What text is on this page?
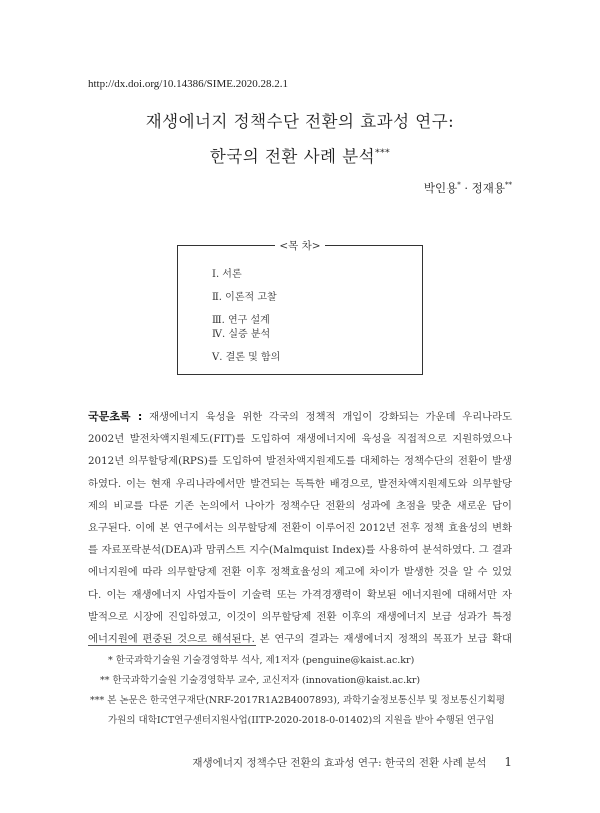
http://dx.doi.org/10.14386/SIME.2020.28.2.1
재생에너지 정책수단 전환의 효과성 연구:
한국의 전환 사례 분석***
박인용* · 정재용**
<목 차>
Ⅰ. 서론
Ⅱ. 이론적 고찰
Ⅲ. 연구 설계
Ⅳ. 실증 분석
Ⅴ. 결론 및 함의
국문초록 : 재생에너지 육성을 위한 각국의 정책적 개입이 강화되는 가운데 우리나라도
2002년 발전차액지원제도(FIT)를 도입하여 재생에너지에 육성을 직접적으로 지원하였으나
2012년 의무할당제(RPS)를 도입하여 발전차액지원제도를 대체하는 정책수단의 전환이 발생
하였다. 이는 현재 우리나라에서만 발견되는 독특한 배경으로, 발전차액지원제도와 의무할당
제의 비교를 다룬 기존 논의에서 나아가 정책수단 전환의 성과에 초점을 맞춘 새로운 답이
요구된다. 이에 본 연구에서는 의무할당제 전환이 이루어진 2012년 전후 정책 효율성의 변화
를 자료포락분석(DEA)과 맘퀴스트 지수(Malmquist Index)를 사용하여 분석하였다. 그 결과
에너지원에 따라 의무할당제 전환 이후 정책효율성의 제고에 차이가 발생한 것을 알 수 있었
다. 이는 재생에너지 사업자들이 기술력 또는 가격경쟁력이 확보된 에너지원에 대해서만 자
발적으로 시장에 진입하였고, 이것이 의무할당제 전환 이후의 재생에너지 보급 성과가 특정
에너지원에 편중된 것으로 해석된다. 본 연구의 결과는 재생에너지 정책의 목표가 보급 확대
* 한국과학기술원 기술경영학부 석사, 제1저자 (penguine@kaist.ac.kr)
** 한국과학기술원 기술경영학부 교수, 교신저자 (innovation@kaist.ac.kr)
*** 본 논문은 한국연구재단(NRF-2017R1A2B4007893), 과학기술정보통신부 및 정보통신기획평
가원의 대학ICT연구센터지원사업(IITP-2020-2018-0-01402)의 지원을 받아 수행된 연구임
재생에너지 정책수단 전환의 효과성 연구: 한국의 전환 사례 분석 1
